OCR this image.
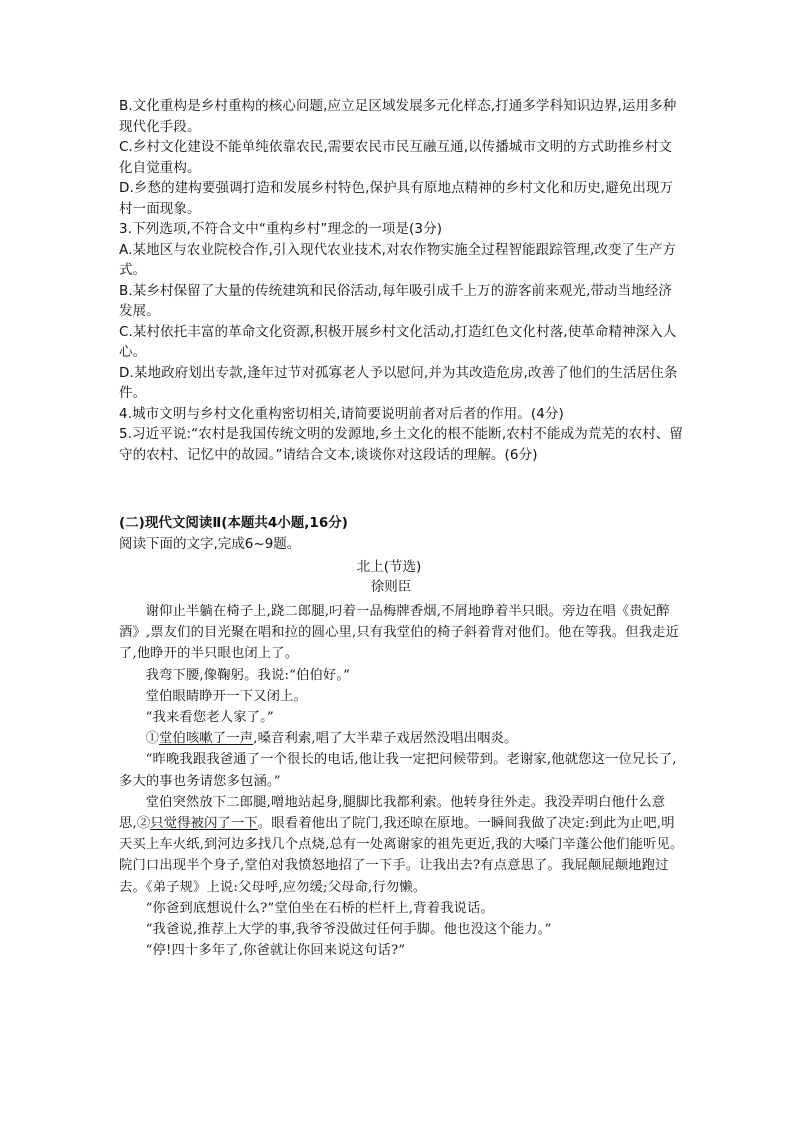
B.文化重构是乡村重构的核心问题,应立足区域发展多元化样态,打通多学科知识边界,运用多种现代化手段。

C.乡村文化建设不能单纯依靠农民,需要农民市民互融互通,以传播城市文明的方式助推乡村文化自觉重构。

D.乡愁的建构要强调打造和发展乡村特色,保护具有原地点精神的乡村文化和历史,避免出现万村一面现象。

3.下列选项,不符合文中“重构乡村”理念的一项是(3分)

A.某地区与农业院校合作,引入现代农业技术,对农作物实施全过程智能跟踪管理,改变了生产方式。

B.某乡村保留了大量的传统建筑和民俗活动,每年吸引成千上万的游客前来观光,带动当地经济发展。

C.某村依托丰富的革命文化资源,积极开展乡村文化活动,打造红色文化村落,使革命精神深入人心。

D.某地政府划出专款,逢年过节对孤寡老人予以慰问,并为其改造危房,改善了他们的生活居住条件。

4.城市文明与乡村文化重构密切相关,请简要说明前者对后者的作用。(4分)

5.习近平说:“农村是我国传统文明的发源地,乡土文化的根不能断,农村不能成为荒芜的农村、留守的农村、记忆中的故园。”请结合文本,谈谈你对这段话的理解。(6分)

(二)现代文阅读Ⅱ(本题共4小题,16分)

阅读下面的文字,完成6~9题。

北上(节选)
徐则臣

谢仰止半躺在椅子上,跷二郎腿,叼着一品梅牌香烟,不屑地睁着半只眼。旁边在唱《贵妃醉酒》,票友们的目光聚在唱和拉的圆心里,只有我堂伯的椅子斜着背对他们。他在等我。但我走近了,他睁开的半只眼也闭上了。

我弯下腰,像鞠躬。我说:“伯伯好。”

堂伯眼睛睁开一下又闭上。

“我来看您老人家了。”

①堂伯咳嗽了一声,嗓音利索,唱了大半辈子戏居然没唱出咽炎。

“昨晚我跟我爸通了一个很长的电话,他让我一定把问候带到。老谢家,他就您这一位兄长了,多大的事也务请您多包涵。”

堂伯突然放下二郎腿,噌地站起身,腿脚比我都利索。他转身往外走。我没弄明白他什么意思,②只觉得被闪了一下。眼看着他出了院门,我还晾在原地。一瞬间我做了决定:到此为止吧,明天买上车火纸,到河边多找几个点烧,总有一处离谢家的祖先更近,我的大嗓门辛蓬公他们能听见。院门口出现半个身子,堂伯对我愤怒地招了一下手。让我出去?有点意思了。我屁颠屁颠地跑过去。《弟子规》上说:父母呼,应勿缓;父母命,行勿懒。

“你爸到底想说什么?”堂伯坐在石桥的栏杆上,背着我说话。

“我爸说,推荐上大学的事,我爷爷没做过任何手脚。他也没这个能力。”

“停!四十多年了,你爸就让你回来说这句话?”
